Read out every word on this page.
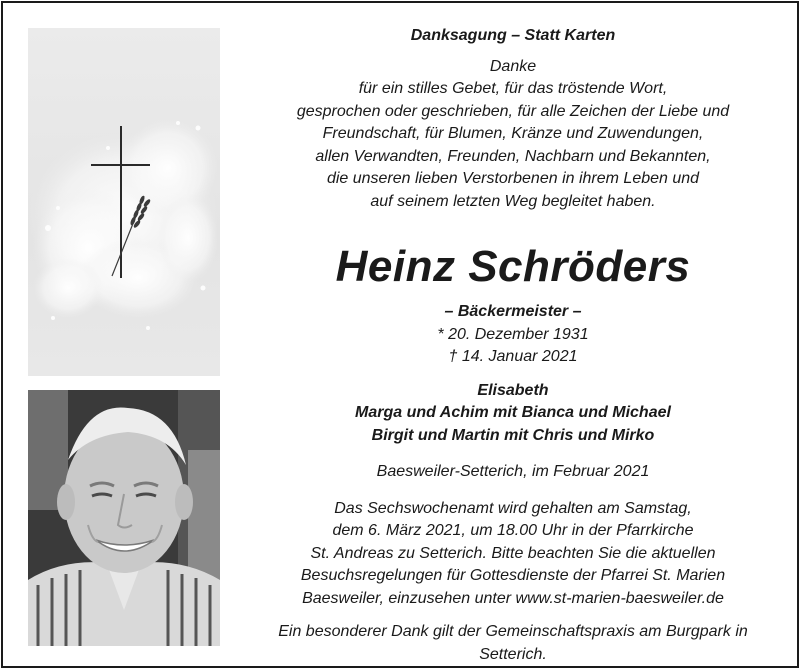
Danksagung – Statt Karten
Danke
für ein stilles Gebet, für das tröstende Wort,
gesprochen oder geschrieben, für alle Zeichen der Liebe und
Freundschaft, für Blumen, Kränze und Zuwendungen,
allen Verwandten, Freunden, Nachbarn und Bekannten,
die unseren lieben Verstorbenen in ihrem Leben und
auf seinem letzten Weg begleitet haben.
Heinz Schröders
– Bäckermeister –
* 20. Dezember 1931
† 14. Januar 2021
Elisabeth
Marga und Achim mit Bianca und Michael
Birgit und Martin mit Chris und Mirko
Baesweiler-Setterich, im Februar 2021
Das Sechswochenamt wird gehalten am Samstag,
dem 6. März 2021, um 18.00 Uhr in der Pfarrkirche
St. Andreas zu Setterich. Bitte beachten Sie die aktuellen
Besuchsregelungen für Gottesdienste der Pfarrei St. Marien
Baesweiler, einzusehen unter www.st-marien-baesweiler.de
Ein besonderer Dank gilt der Gemeinschaftspraxis am Burgpark in
Setterich.
